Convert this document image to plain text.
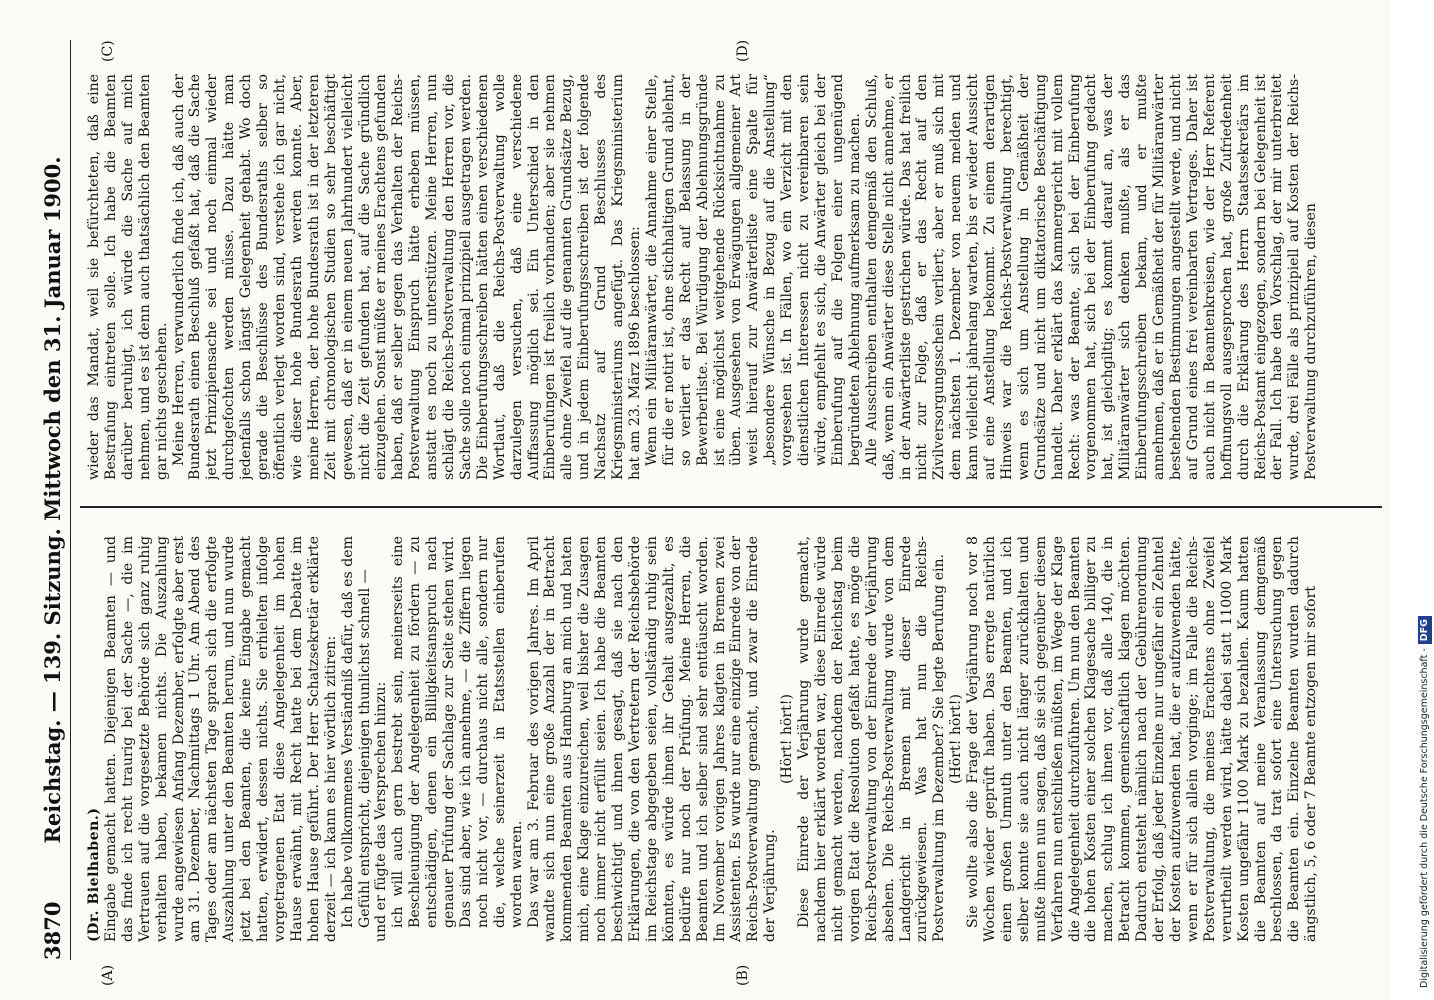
3870
Reichstag. — 139. Sitzung. Mittwoch den 31. Januar 1900.
(A)	(B)
(C)	(D)

(Dr. Bielhaben.) Eingabe gemacht hatten. Diejenigen Beamten — und das finde ich recht traurig bei der Sache —, die im Vertrauen auf die vorgesetzte Behörde sich ganz ruhig verhalten haben, bekamen nichts. Die Auszahlung wurde angewiesen Anfang Dezember, erfolgte aber erst am 31. Dezember, Nachmittags 1 Uhr. Am Abend des Tages oder am nächsten Tage sprach sich die erfolgte Auszahlung unter den Beamten herum, und nun wurde jetzt bei den Beamten, die keine Eingabe gemacht hatten, erwidert, dessen nichts. Sie erhielten infolge vorgetragenen Etat diese Angelegenheit im hohen Hause erwähnt, mit Recht hatte bei dem Debatte im hohen Hause geführt. Der Herr Schatzsekretär erklärte derzeit — ich kann es hier wörtlich zitiren: Ich habe vollkommenes Verständniß dafür, daß es dem Gefühl entspricht, diejenigen thunlichst schnell — und er fügte das Versprechen hinzu: ich will auch gern bestrebt sein, meinerseits eine Beschleunigung der Angelegenheit zu fördern — zu entschädigen, denen ein Billigkeitsanspruch nach genauer Prüfung der Sachlage zur Seite stehen wird. Das sind aber, wie ich annehme, — die Ziffern liegen noch nicht vor, — durchaus nicht alle, sondern nur die, welche seinerzeit in Etatsstellen einberufen worden waren. Das war am 3. Februar des vorigen Jahres. Im April wandte sich nun eine große Anzahl der in Betracht kommenden Beamten aus Hamburg an mich und baten mich, eine Klage einzureichen, weil bisher die Zusagen noch immer nicht erfüllt seien. Ich habe die Beamten beschwichtigt und ihnen gesagt, daß sie nach den Erklärungen, die von den Vertretern der Reichsbehörde im Reichstage abgegeben seien, vollständig ruhig sein könnten, es würde ihnen ihr Gehalt ausgezahlt, es bedürfe nur noch der Prüfung. Meine Herren, die Beamten und ich selber sind sehr enttäuscht worden. Im November vorigen Jahres klagten in Bremen zwei Assistenten. Es wurde nur eine einzige Einrede von der Reichs-Postverwaltung gemacht, und zwar die Einrede der Verjährung.

(Hört! hört!) Diese Einrede der Verjährung wurde gemacht, nachdem hier erklärt worden war, diese Einrede würde nicht gemacht werden, nachdem der Reichstag beim vorigen Etat die Resolution gefaßt hatte, es möge die Reichs-Postverwaltung von der Einrede der Verjährung absehen. Die Reichs-Postverwaltung wurde von dem Landgericht in Bremen mit dieser Einrede zurückgewiesen. Was hat nun die Reichs-Postverwaltung im Dezember? Sie legte Berufung ein. (Hört! hört!) Sie wollte also die Frage der Verjährung noch vor 8 Wochen wieder geprüft haben. Das erregte natürlich einen großen Unmuth unter den Beamten, und ich selber konnte sie auch nicht länger zurückhalten und mußte ihnen nun sagen, daß sie sich gegenüber diesem Verfahren nun entschließen müßten, im Wege der Klage die Angelegenheit durchzuführen. Um nun den Beamten die hohen Kosten einer solchen Klagesache billiger zu machen, schlug ich ihnen vor, daß alle 140, die in Betracht kommen, gemeinschaftlich klagen möchten. Dadurch entsteht nämlich nach der Gebührenordnung der Erfolg, daß jeder Einzelne nur ungefähr ein Zehntel der Kosten aufzuwenden hat, die er aufzuwenden hätte, wenn er für sich allein vorginge; im Falle die Reichs-Postverwaltung, die meines Erachtens ohne Zweifel verurtheilt werden wird, hätte dabei statt 11000 Mark Kosten ungefähr 1100 Mark zu bezahlen. Kaum hatten die Beamten auf meine Veranlassung demgemäß beschlossen, da trat sofort eine Untersuchung gegen die Beamten ein. Einzelne Beamten wurden dadurch ängstlich, 5, 6 oder 7 Beamte entzogen mir sofort

wieder das Mandat, weil sie befürchteten, daß eine Bestrafung eintreten solle. Ich habe die Beamten darüber beruhigt, ich würde die Sache auf mich nehmen, und es ist denn auch thatsächlich den Beamten gar nichts geschehen. Meine Herren, verwunderlich finde ich, daß auch der Bundesrath einen Beschluß gefaßt hat, daß die Sache jetzt Prinzipiensache sei und noch einmal wieder durchgefochten werden müsse. Dazu hätte man jedenfalls schon längst Gelegenheit gehabt. Wo doch gerade die Beschlüsse des Bundesraths selber so öffentlich verlegt worden sind, verstehe ich gar nicht, wie dieser hohe Bundesrath werden konnte. Aber, meine Herren, der hohe Bundesrath ist in der letzteren Zeit mit chronologischen Studien so sehr beschäftigt gewesen, daß er in einem neuen Jahrhundert vielleicht nicht die Zeit gefunden hat, auf die Sache gründlich einzugehen. Sonst müßte er meines Erachtens gefunden haben, daß er selber gegen das Verhalten der Reichs-Postverwaltung Einspruch hätte erheben müssen, anstatt es noch zu unterstützen. Meine Herren, nun schlägt die Reichs-Postverwaltung den Herren vor, die Sache solle noch einmal prinzipiell ausgetragen werden. Die Einberufungsschreiben hätten einen verschiedenen Wortlaut, daß die Reichs-Postverwaltung wolle darzulegen versuchen, daß eine verschiedene Auffassung möglich sei. Ein Unterschied in den Einberufungen ist freilich vorhanden; aber sie nehmen alle ohne Zweifel auf die genannten Grundsätze Bezug, und in jedem Einberufungsschreiben ist der folgende Nachsatz auf Grund Beschlusses des Kriegsministeriums angefügt. Das Kriegsministerium hat am 23. März 1896 beschlossen: Wenn ein Militäranwärter, die Annahme einer Stelle, für die er notirt ist, ohne stichhaltigen Grund ablehnt, so verliert er das Recht auf Belassung in der Bewerberliste. Bei Würdigung der Ablehnungsgründe ist eine möglichst weitgehende Rücksichtnahme zu üben. Ausgesehen von Erwägungen allgemeiner Art weist hierauf zur Anwärterliste eine Spalte für „besondere Wünsche in Bezug auf die Anstellung“ vorgesehen ist. In Fällen, wo ein Verzicht mit den dienstlichen Interessen nicht zu vereinbaren sein würde, empfiehlt es sich, die Anwärter gleich bei der Einberufung auf die Folgen einer ungenügend begründeten Ablehnung aufmerksam zu machen. Alle Ausschreiben enthalten demgemäß den Schluß, daß, wenn ein Anwärter diese Stelle nicht annehme, er in der Anwärterliste gestrichen würde. Das hat freilich nicht zur Folge, daß er das Recht auf den Zivilversorgungsschein verliert; aber er muß sich mit dem nächsten 1. Dezember von neuem melden und kann vielleicht jahrelang warten, bis er wieder Aussicht auf eine Anstellung bekommt. Zu einem derartigen Hinweis war die Reichs-Postverwaltung berechtigt, wenn es sich um Anstellung in Gemäßheit der Grundsätze und nicht um diktatorische Beschäftigung handelt. Daher erklärt das Kammergericht mit vollem Recht: was der Beamte, sich bei der Einberufung vorgenommen hat, sich bei der Einberufung gedacht hat, ist gleichgiltig; es kommt darauf an, was der Militäranwärter sich denken mußte, als er das Einberufungsschreiben bekam, und er mußte annehmen, daß er in Gemäßheit der für Militäranwärter bestehenden Bestimmungen angestellt werde, und nicht auf Grund eines frei vereinbarten Vertrages. Daher ist auch nicht in Beamtenkreisen, wie der Herr Referent hoffnungsvoll ausgesprochen hat, große Zufriedenheit durch die Erklärung des Herrn Staatssekretärs im Reichs-Postamt eingezogen, sondern bei Gelegenheit ist der Fall. Ich habe den Vorschlag, der mir unterbreitet wurde, drei Fälle als prinzipiell auf Kosten der Reichs-Postverwaltung durchzuführen, diesen

Digitalisierung gefördert durch die Deutsche Forschungsgemeinschaft -DFG
